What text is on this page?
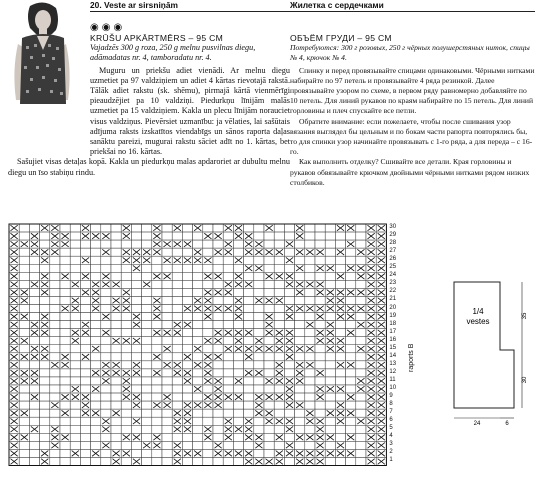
20. Veste ar sirsniņām
◉◉◉
KRŪŠU APKĀRTMĒRS – 95 CM
Vajadzēs 300 g roza, 250 g melnu pusvilnas diegu, adāmadatas nr. 4, tamboradatu nr. 4.
Muguru un priekšu adiet vienādi. Ar melnu diegu uzmetiet pa 97 valdziņiem un adiet 4 kārtas rievotajā rakstā. Tālāk adiet rakstu (sk. shēmu), pirmajā kārtā vienmērīgi pieaudzējiet pa 10 valdziņi. Piedurkņu līnijām malās uzmetiet pa 15 valdziņiem. Kakla un plecu līnijām norauciet visus valdziņus. Pievērsiet uzmanību: ja vēlaties, lai sašūtais adījuma raksts izskatītos viendabīgs un sānos raporta daļas sanāktu pareizi, mugurai rakstu sāciet adīt no 1. kārtas, bet priekšai no 16. kārtas.
Sašujiet visas detaļas kopā. Kakla un piedurkņu malas apdaroriet ar dubultu melnu diegu un īso stabiņu rindu.
Жилетка с сердечками
ОБЪЁМ ГРУДИ – 95 СМ
Потребуются: 300 г розовых, 250 г чёрных полушерстяных ниток, спицы № 4, крючок № 4.
Спинку и перед провязывайте спицами одинаковыми. Чёрными нитками набирайте по 97 петель и провязывайте 4 ряда резинкой. Далее провязывайте узором по схеме, в первом ряду равномерно добавляйте по 10 петель. Для линий рукавов по краям набирайте по 15 петель. Для линий горловины и плеч спускайте все петли.
Обратите внимание: если пожелаете, чтобы после сшивания узор вязания выглядел бы цельным и по бокам части рапорта повторялись бы, то для спинки узор начинайте провязывать с 1-го ряда, а для переда – с 16-го.
Как выполнить отделку? Сшивайте все детали. Края горловины и рукавов обвязывайте крючком двойными чёрными нитками рядом низких столбиков.
30
29
28
27
26
25
24
23
22
21
20
19
18
17
16
15
14
13
12
11
10
9
8
7
6
5
4
3
2
1
raports B
1/4
vestes
35
30
24	6
